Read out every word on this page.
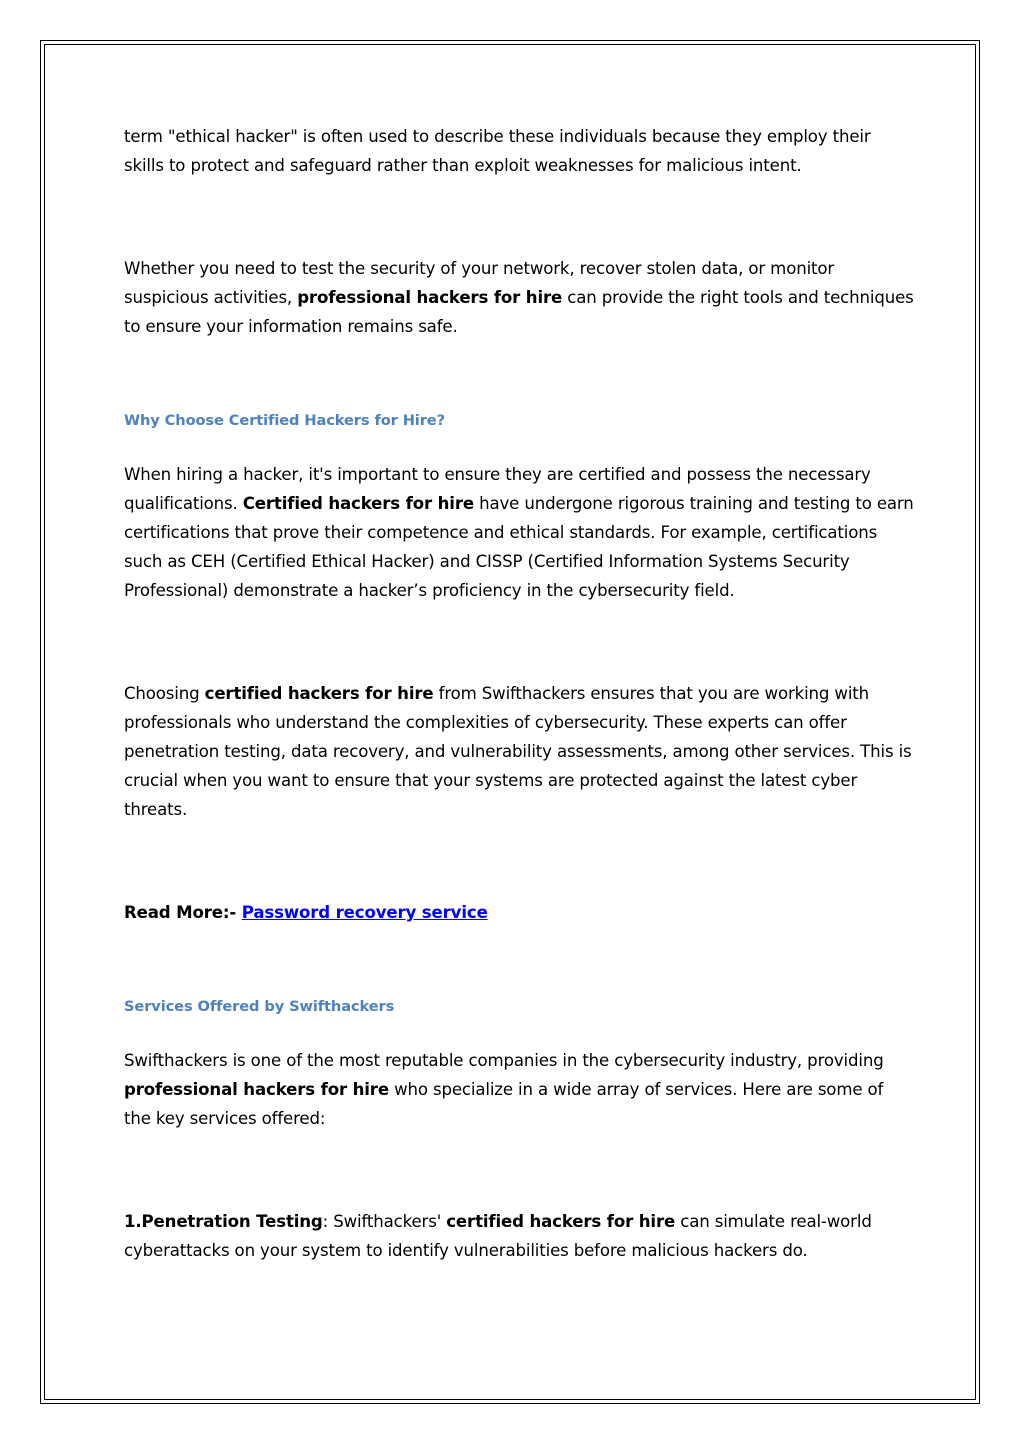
term "ethical hacker" is often used to describe these individuals because they employ their skills to protect and safeguard rather than exploit weaknesses for malicious intent.

Whether you need to test the security of your network, recover stolen data, or monitor suspicious activities, professional hackers for hire can provide the right tools and techniques to ensure your information remains safe.

Why Choose Certified Hackers for Hire?

When hiring a hacker, it's important to ensure they are certified and possess the necessary qualifications. Certified hackers for hire have undergone rigorous training and testing to earn certifications that prove their competence and ethical standards. For example, certifications such as CEH (Certified Ethical Hacker) and CISSP (Certified Information Systems Security Professional) demonstrate a hacker’s proficiency in the cybersecurity field.

Choosing certified hackers for hire from Swifthackers ensures that you are working with professionals who understand the complexities of cybersecurity. These experts can offer penetration testing, data recovery, and vulnerability assessments, among other services. This is crucial when you want to ensure that your systems are protected against the latest cyber threats.

Read More:- Password recovery service

Services Offered by Swifthackers

Swifthackers is one of the most reputable companies in the cybersecurity industry, providing professional hackers for hire who specialize in a wide array of services. Here are some of the key services offered:

1.Penetration Testing: Swifthackers' certified hackers for hire can simulate real-world cyberattacks on your system to identify vulnerabilities before malicious hackers do.
